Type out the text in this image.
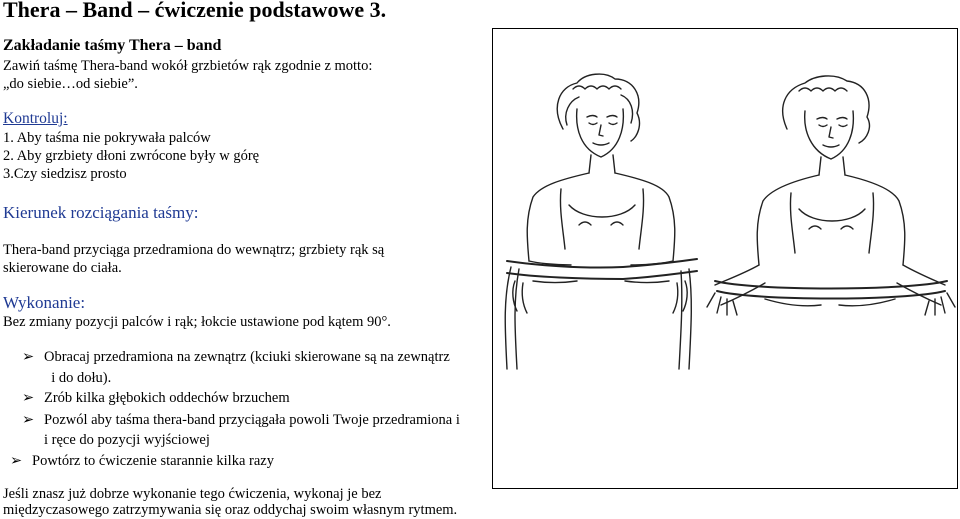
Thera – Band – ćwiczenie podstawowe 3.
Zakładanie taśmy Thera – band
Zawiń taśmę Thera-band wokół grzbietów rąk zgodnie z motto:
„do siebie…od siebie”.
Kontroluj:
1. Aby taśma nie pokrywała palców
2. Aby grzbiety dłoni zwrócone były w górę
3.Czy siedzisz prosto
Kierunek rozciągania taśmy:
Thera-band przyciąga przedramiona do wewnątrz; grzbiety rąk są
skierowane do ciała.
Wykonanie:
Bez zmiany pozycji palców i rąk; łokcie ustawione pod kątem 90°.
➢ Obracaj przedramiona na zewnątrz (kciuki skierowane są na zewnątrz
i do dołu).
➢ Zrób kilka głębokich oddechów brzuchem
➢ Pozwól aby taśma thera-band przyciągała powoli Twoje przedramiona i
i ręce do pozycji wyjściowej
➢ Powtórz to ćwiczenie starannie kilka razy
Jeśli znasz już dobrze wykonanie tego ćwiczenia, wykonaj je bez
międzyczasowego zatrzymywania się oraz oddychaj swoim własnym rytmem.
